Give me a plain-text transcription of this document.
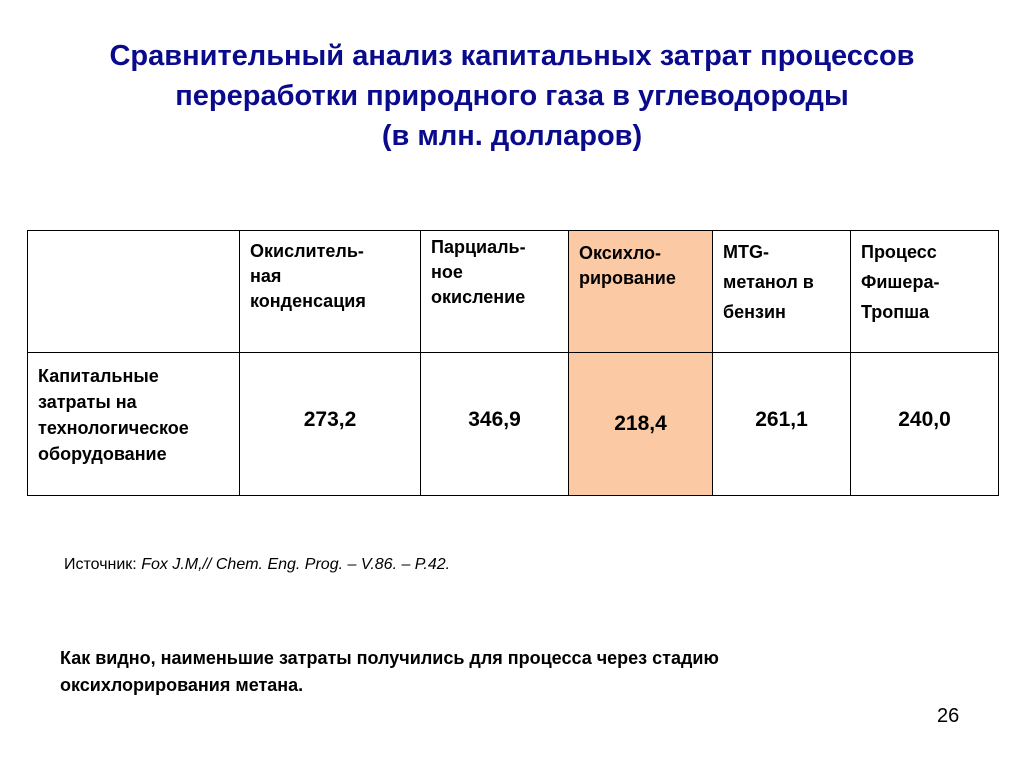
Сравнительный анализ капитальных затрат процессов
переработки природного газа в углеводороды
(в млн. долларов)

	Окислитель-
ная
конденсация	Парциаль-
ное
окисление	Оксихло-
рирование	MTG-
метанол в
бензин	Процесс
Фишера-
Тропша

Капитальные
затраты на
технологическое
оборудование	273,2	346,9	218,4	261,1	240,0
Источник: Fox J.M,// Chem. Eng. Prog. – V.86. – P.42.
Как видно, наименьшие затраты получились для процесса через стадию
оксихлорирования метана.
26
